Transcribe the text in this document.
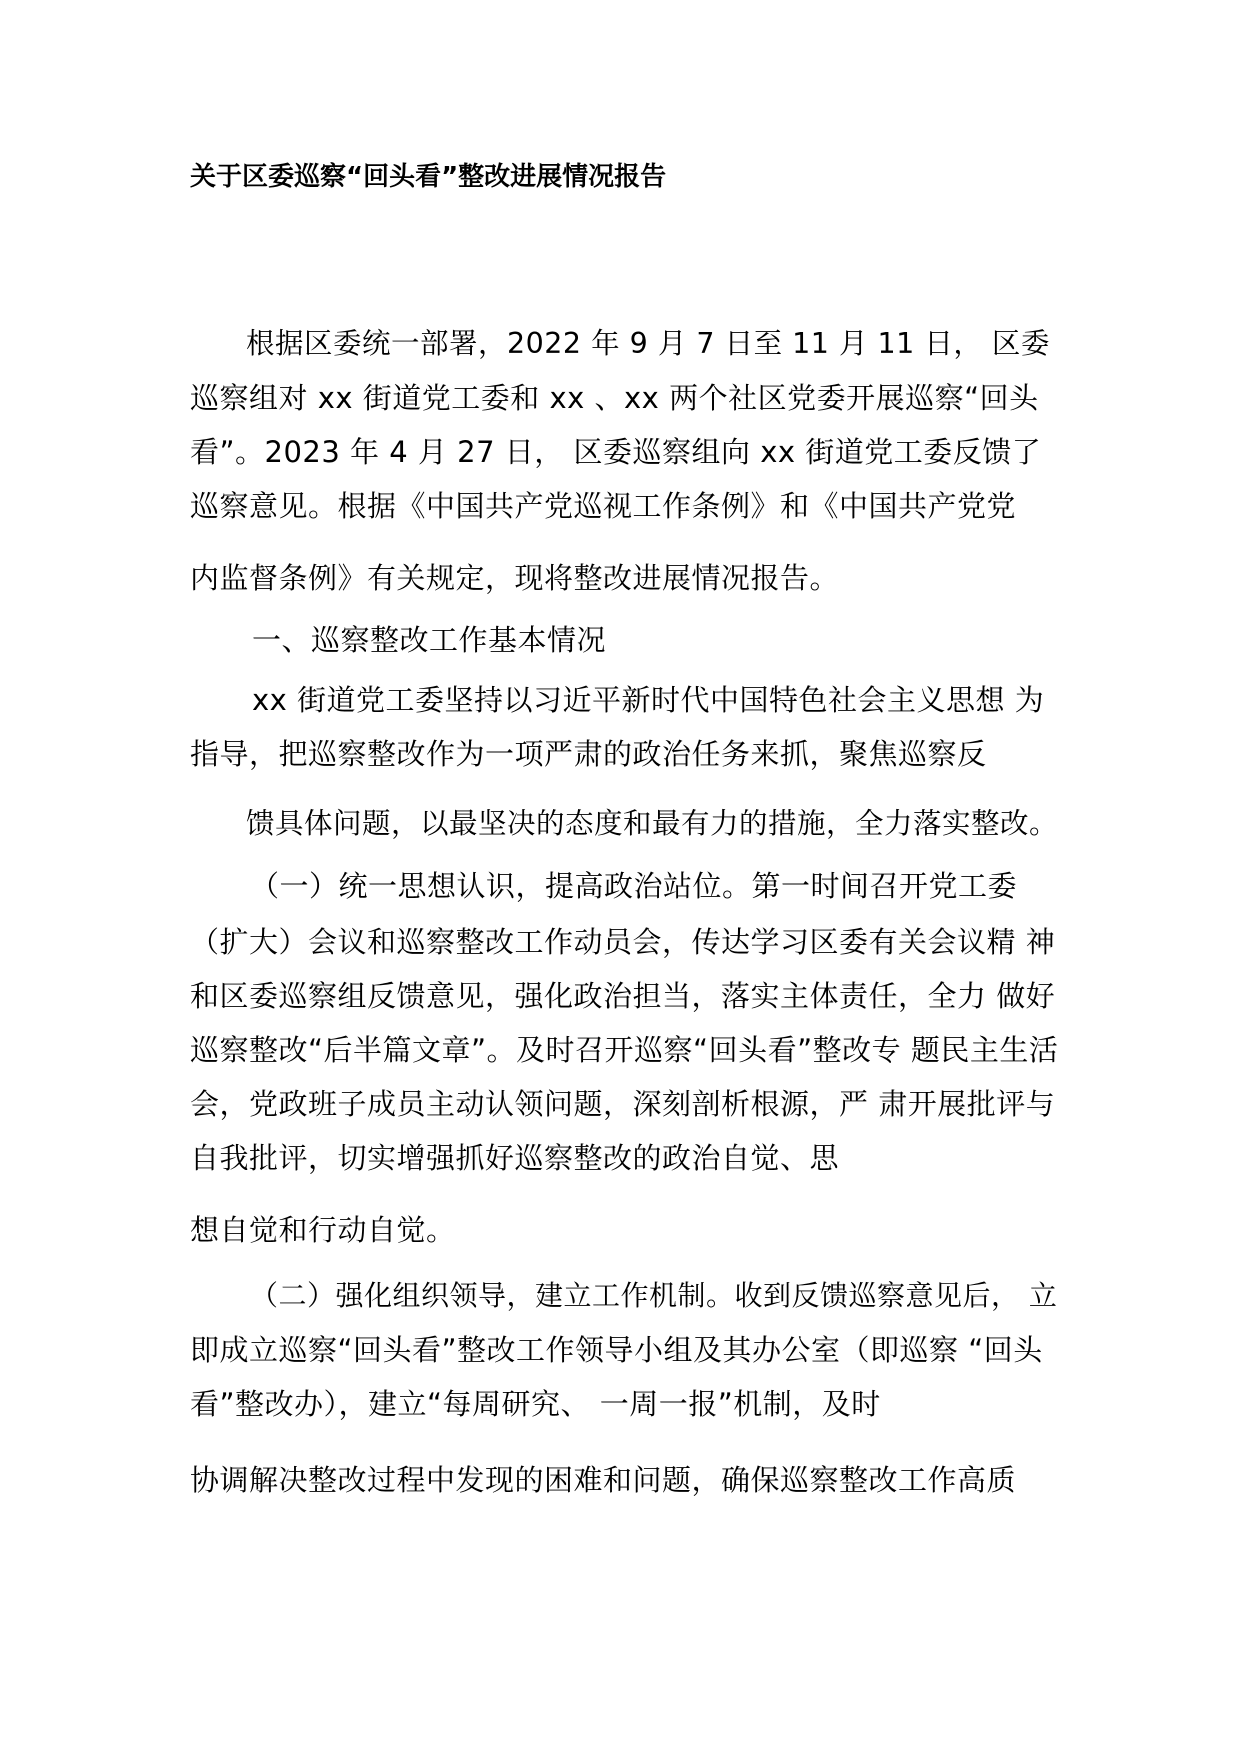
关于区委巡察“回头看”整改进展情况报告
根据区委统一部署，2022 年 9 月 7 日至 11 月 11 日， 区委
巡察组对 xx 街道党工委和 xx 、xx 两个社区党委开展巡察“回头
看”。2023 年 4 月 27 日， 区委巡察组向 xx 街道党工委反馈了
巡察意见。根据《中国共产党巡视工作条例》和《中国共产党党
内监督条例》有关规定，现将整改进展情况报告。
一、巡察整改工作基本情况
xx 街道党工委坚持以习近平新时代中国特色社会主义思想 为
指导，把巡察整改作为一项严肃的政治任务来抓，聚焦巡察反
馈具体问题，以最坚决的态度和最有力的措施，全力落实整改。
（一）统一思想认识，提高政治站位。第一时间召开党工委
（扩大）会议和巡察整改工作动员会，传达学习区委有关会议精 神
和区委巡察组反馈意见，强化政治担当，落实主体责任，全力 做好
巡察整改“后半篇文章”。及时召开巡察“回头看”整改专 题民主生活
会，党政班子成员主动认领问题，深刻剖析根源，严 肃开展批评与
自我批评，切实增强抓好巡察整改的政治自觉、思
想自觉和行动自觉。
（二）强化组织领导，建立工作机制。收到反馈巡察意见后， 立
即成立巡察“回头看”整改工作领导小组及其办公室（即巡察 “回头
看”整改办），建立“每周研究、 一周一报”机制，及时
协调解决整改过程中发现的困难和问题，确保巡察整改工作高质
